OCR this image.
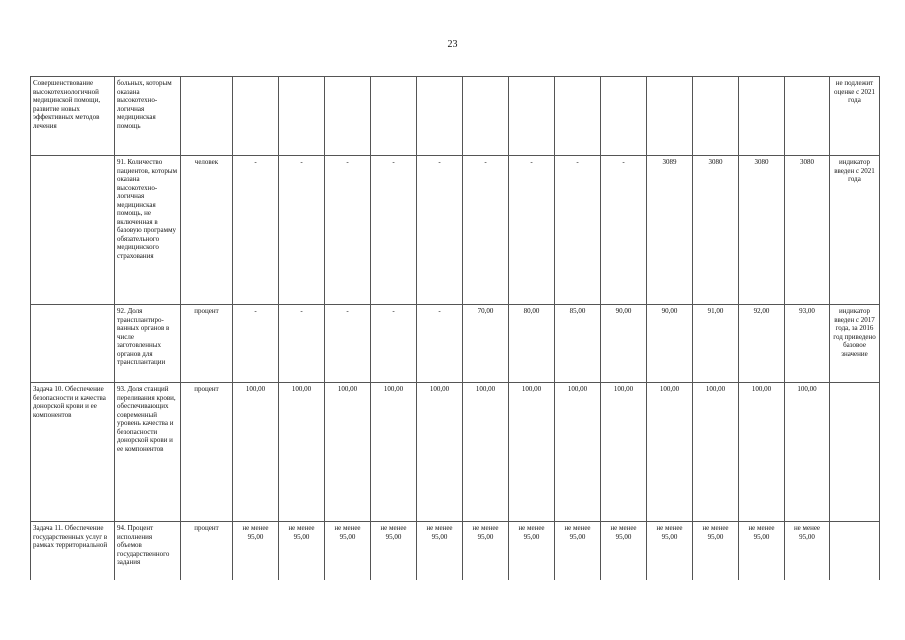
23
Совершенствование высокотехнологичной медицинской помощи, развитие новых эффективных методов лечения	больных, которым оказана высокотехнологичная медицинская помощь															не подлежит оценке с 2021 года
	91. Количество пациентов, которым оказана высокотехнологичная медицинская помощь, не включенная в базовую программу обязательного медицинского страхования	человек	-	-	-	-	-	-	-	-	-	3089	3080	3080	3080	индикатор введен с 2021 года
	92. Доля трансплантированных органов в числе заготовленных органов для трансплантации	процент	-	-	-	-	-	70,00	80,00	85,00	90,00	90,00	91,00	92,00	93,00	индикатор введен с 2017 года, за 2016 год приведено базовое значение
Задача 10. Обеспечение безопасности и качества донорской крови и ее компонентов	93. Доля станций переливания крови, обеспечивающих современный уровень качества и безопасности донорской крови и ее компонентов	процент	100,00	100,00	100,00	100,00	100,00	100,00	100,00	100,00	100,00	100,00	100,00	100,00	100,00	
Задача 11. Обеспечение государственных услуг в рамках территориальной	94. Процент исполнения объемов государственного задания	процент	не менее 95,00	не менее 95,00	не менее 95,00	не менее 95,00	не менее 95,00	не менее 95,00	не менее 95,00	не менее 95,00	не менее 95,00	не менее 95,00	не менее 95,00	не менее 95,00	не менее 95,00	
